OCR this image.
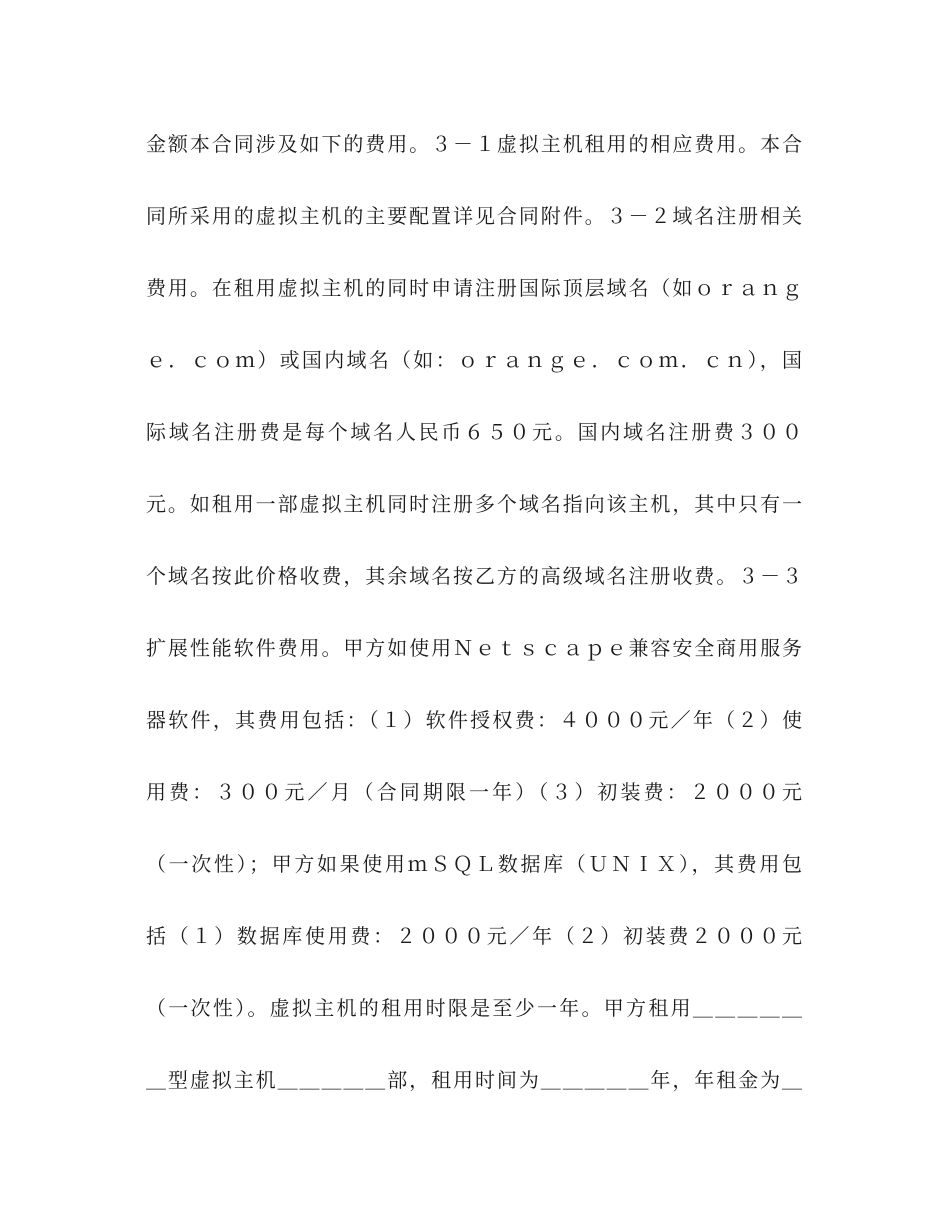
金额本合同涉及如下的费用。３－１虚拟主机租用的相应费用。本合
同所采用的虚拟主机的主要配置详见合同附件。３－２域名注册相关
费用。在租用虚拟主机的同时申请注册国际顶层域名（如ｏｒａｎｇ
ｅ．ｃｏｍ）或国内域名（如：ｏｒａｎｇｅ．ｃｏｍ．ｃｎ），国
际域名注册费是每个域名人民币６５０元。国内域名注册费３００
元。如租用一部虚拟主机同时注册多个域名指向该主机，其中只有一
个域名按此价格收费，其余域名按乙方的高级域名注册收费。３－３
扩展性能软件费用。甲方如使用Ｎｅｔｓｃａｐｅ兼容安全商用服务
器软件，其费用包括：（１）软件授权费：４０００元／年（２）使
用费：３００元／月（合同期限一年）（３）初装费：２０００元
（一次性）；甲方如果使用ｍＳＱＬ数据库（ＵＮＩＸ），其费用包
括（１）数据库使用费：２０００元／年（２）初装费２０００元
（一次性）。虚拟主机的租用时限是至少一年。甲方租用＿＿＿＿＿
＿型虚拟主机＿＿＿＿＿部，租用时间为＿＿＿＿＿年，年租金为＿
